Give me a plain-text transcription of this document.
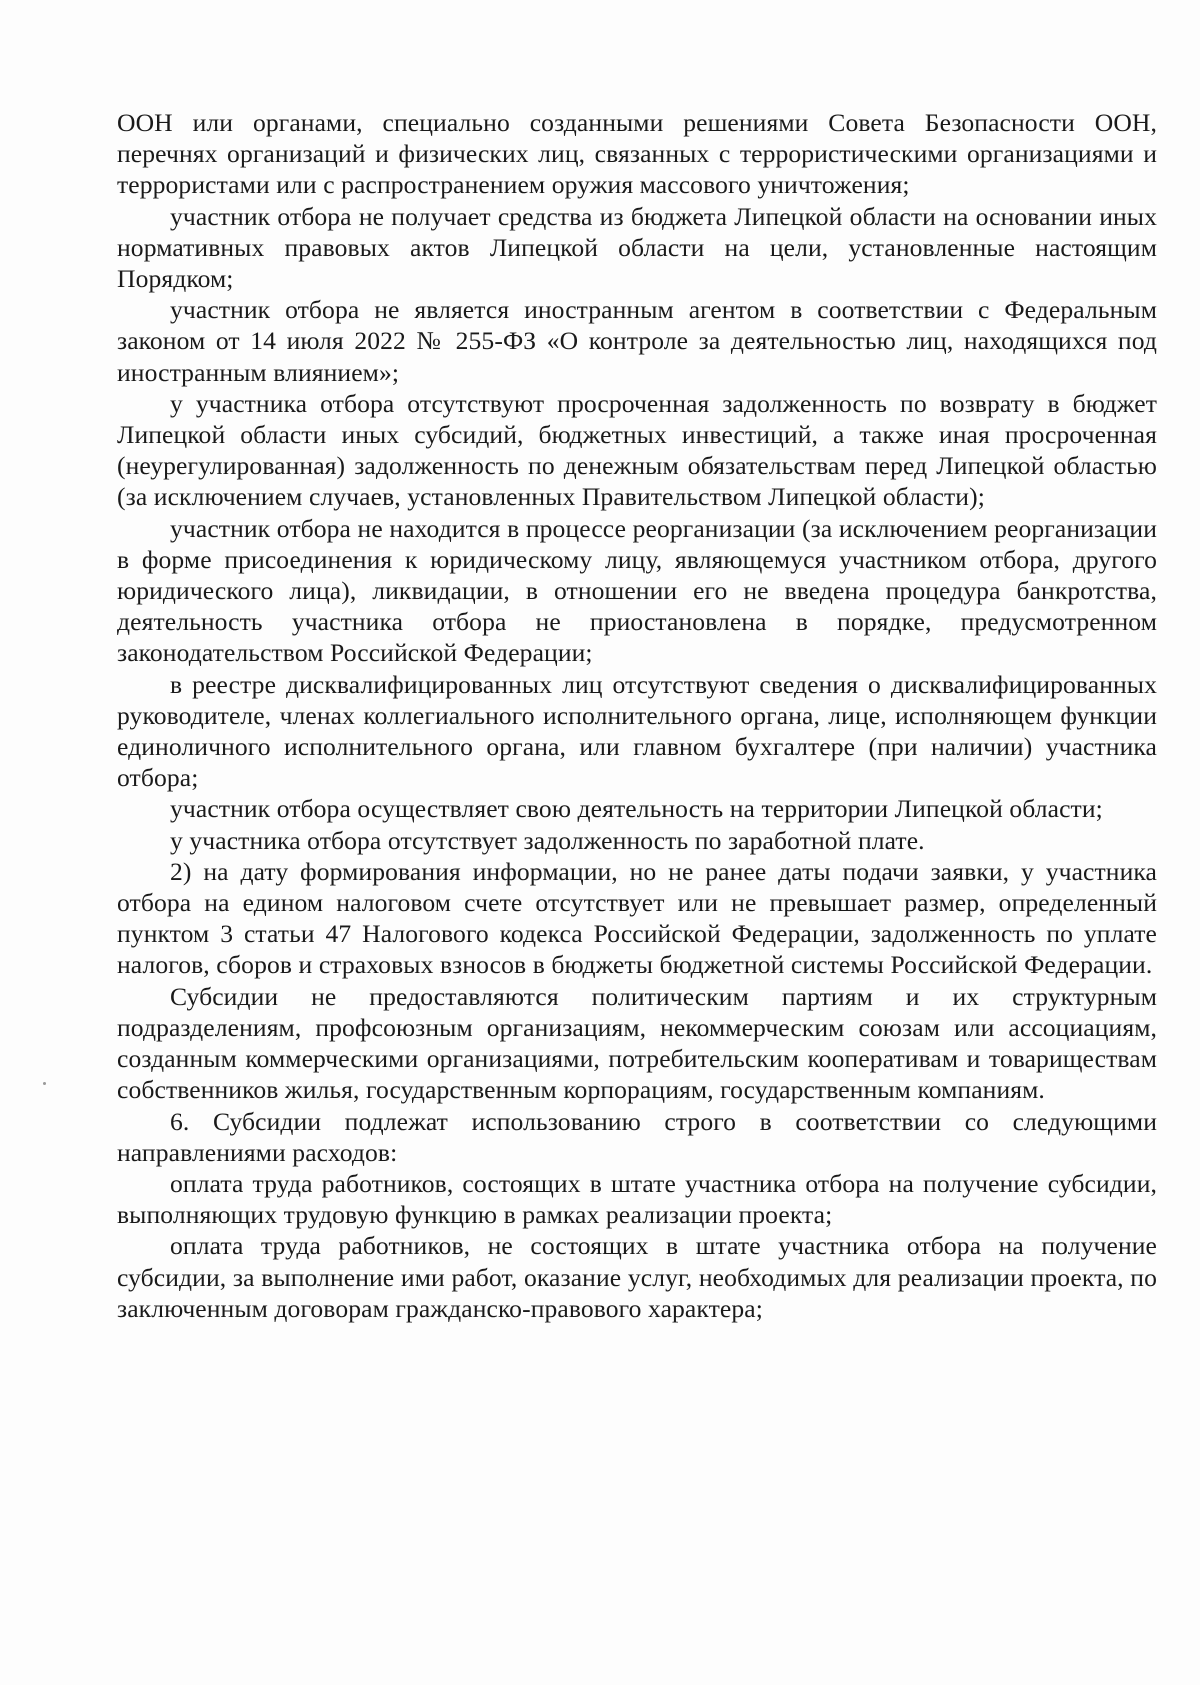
ООН или органами, специально созданными решениями Совета Безопасности ООН, перечнях организаций и физических лиц, связанных с террористическими организациями и террористами или с распространением оружия массового уничтожения;

участник отбора не получает средства из бюджета Липецкой области на основании иных нормативных правовых актов Липецкой области на цели, установленные настоящим Порядком;

участник отбора не является иностранным агентом в соответствии с Федеральным законом от 14 июля 2022 № 255-ФЗ «О контроле за деятельностью лиц, находящихся под иностранным влиянием»;

у участника отбора отсутствуют просроченная задолженность по возврату в бюджет Липецкой области иных субсидий, бюджетных инвестиций, а также иная просроченная (неурегулированная) задолженность по денежным обязательствам перед Липецкой областью (за исключением случаев, установленных Правительством Липецкой области);

участник отбора не находится в процессе реорганизации (за исключением реорганизации в форме присоединения к юридическому лицу, являющемуся участником отбора, другого юридического лица), ликвидации, в отношении его не введена процедура банкротства, деятельность участника отбора не приостановлена в порядке, предусмотренном законодательством Российской Федерации;

в реестре дисквалифицированных лиц отсутствуют сведения о дисквалифицированных руководителе, членах коллегиального исполнительного органа, лице, исполняющем функции единоличного исполнительного органа, или главном бухгалтере (при наличии) участника отбора;

участник отбора осуществляет свою деятельность на территории Липецкой области;

у участника отбора отсутствует задолженность по заработной плате.

2) на дату формирования информации, но не ранее даты подачи заявки, у участника отбора на едином налоговом счете отсутствует или не превышает размер, определенный пунктом 3 статьи 47 Налогового кодекса Российской Федерации, задолженность по уплате налогов, сборов и страховых взносов в бюджеты бюджетной системы Российской Федерации.

Субсидии не предоставляются политическим партиям и их структурным подразделениям, профсоюзным организациям, некоммерческим союзам или ассоциациям, созданным коммерческими организациями, потребительским кооперативам и товариществам собственников жилья, государственным корпорациям, государственным компаниям.

6. Субсидии подлежат использованию строго в соответствии со следующими направлениями расходов:

оплата труда работников, состоящих в штате участника отбора на получение субсидии, выполняющих трудовую функцию в рамках реализации проекта;

оплата труда работников, не состоящих в штате участника отбора на получение субсидии, за выполнение ими работ, оказание услуг, необходимых для реализации проекта, по заключенным договорам гражданско-правового характера;
